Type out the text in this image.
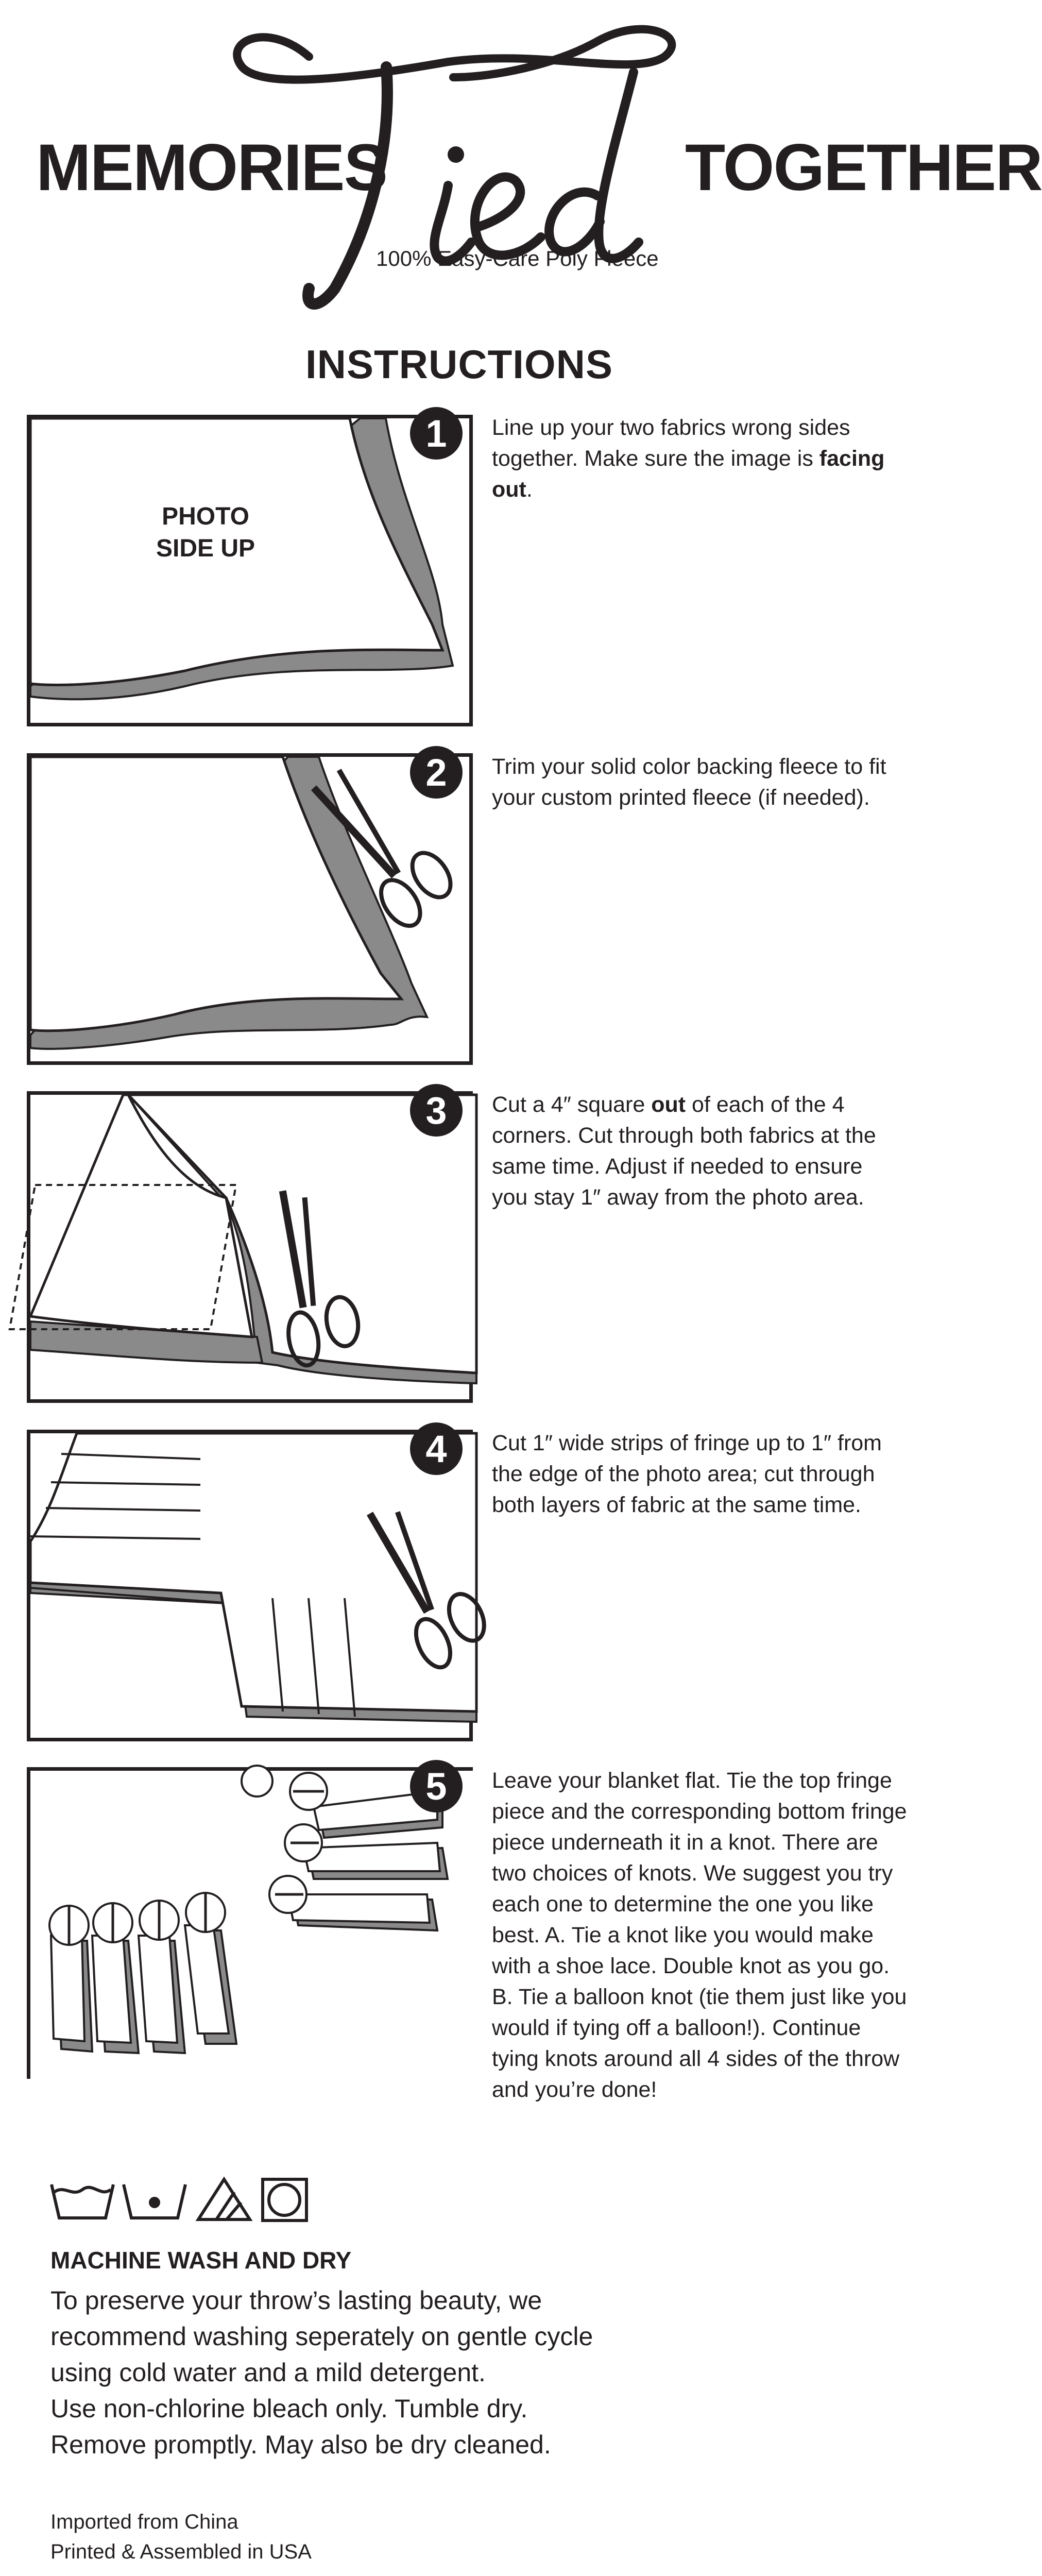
MEMORIES	TOGETHER
100% Easy-Care Poly Fleece
INSTRUCTIONS
PHOTO
SIDE UP
1	Line up your two fabrics wrong sides together. Make sure the image is facing out.
2	Trim your solid color backing fleece to fit your custom printed fleece (if needed).
3	Cut a 4″ square out of each of the 4 corners. Cut through both fabrics at the same time. Adjust if needed to ensure you stay 1″ away from the photo area.
4	Cut 1″ wide strips of fringe up to 1″ from the edge of the photo area; cut through both layers of fabric at the same time.
5	Leave your blanket flat. Tie the top fringe piece and the corresponding bottom fringe piece underneath it in a knot. There are two choices of knots. We suggest you try each one to determine the one you like best. A. Tie a knot like you would make with a shoe lace. Double knot as you go. B. Tie a balloon knot (tie them just like you would if tying off a balloon!). Continue tying knots around all 4 sides of the throw and you’re done!
MACHINE WASH AND DRY
To preserve your throw’s lasting beauty, we
recommend washing seperately on gentle cycle
using cold water and a mild detergent.
Use non-chlorine bleach only. Tumble dry.
Remove promptly. May also be dry cleaned.
Imported from China
Printed & Assembled in USA
